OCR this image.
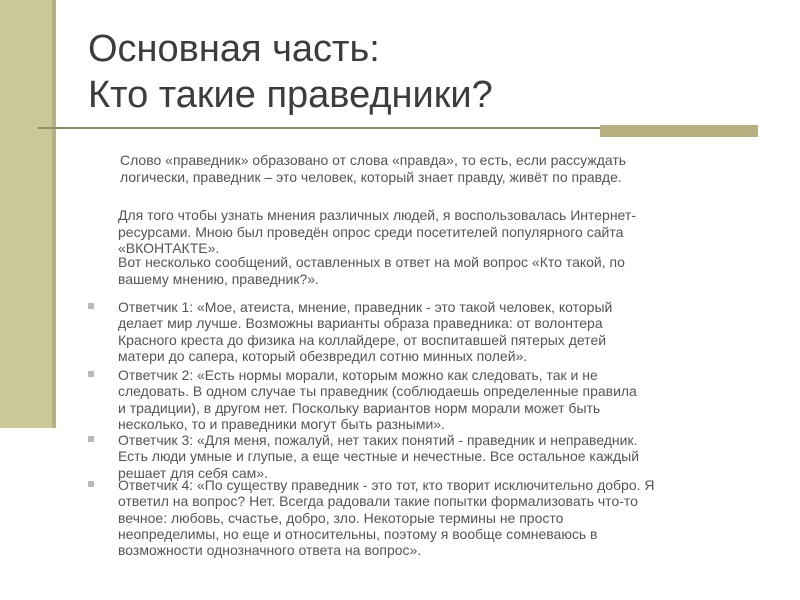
Основная часть:
Кто такие праведники?
Слово «праведник» образовано от слова «правда», то есть, если рассуждать
логически, праведник – это человек, который знает правду, живёт по правде.
Для того чтобы узнать мнения различных людей, я воспользовалась Интернет-
ресурсами. Мною был проведён опрос среди посетителей популярного сайта
«ВКОНТАКТЕ».
Вот несколько сообщений, оставленных в ответ на мой вопрос «Кто такой, по
вашему мнению, праведник?».
Ответчик 1: «Мое, атеиста, мнение, праведник - это такой человек, который
делает мир лучше. Возможны варианты образа праведника: от волонтера
Красного креста до физика на коллайдере, от воспитавшей пятерых детей
матери до сапера, который обезвредил сотню минных полей».
Ответчик 2: «Есть нормы морали, которым можно как следовать, так и не
следовать. В одном случае ты праведник (соблюдаешь определенные правила
и традиции), в другом нет. Поскольку вариантов норм морали может быть
несколько, то и праведники могут быть разными».
Ответчик 3: «Для меня, пожалуй, нет таких понятий - праведник и неправедник.
Есть люди умные и глупые, а еще честные и нечестные. Все остальное каждый
решает для себя сам».
Ответчик 4: «По существу праведник - это тот, кто творит исключительно добро. Я
ответил на вопрос? Нет. Всегда радовали такие попытки формализовать что-то
вечное: любовь, счастье, добро, зло. Некоторые термины не просто
неопределимы, но еще и относительны, поэтому я вообще сомневаюсь в
возможности однозначного ответа на вопрос».
